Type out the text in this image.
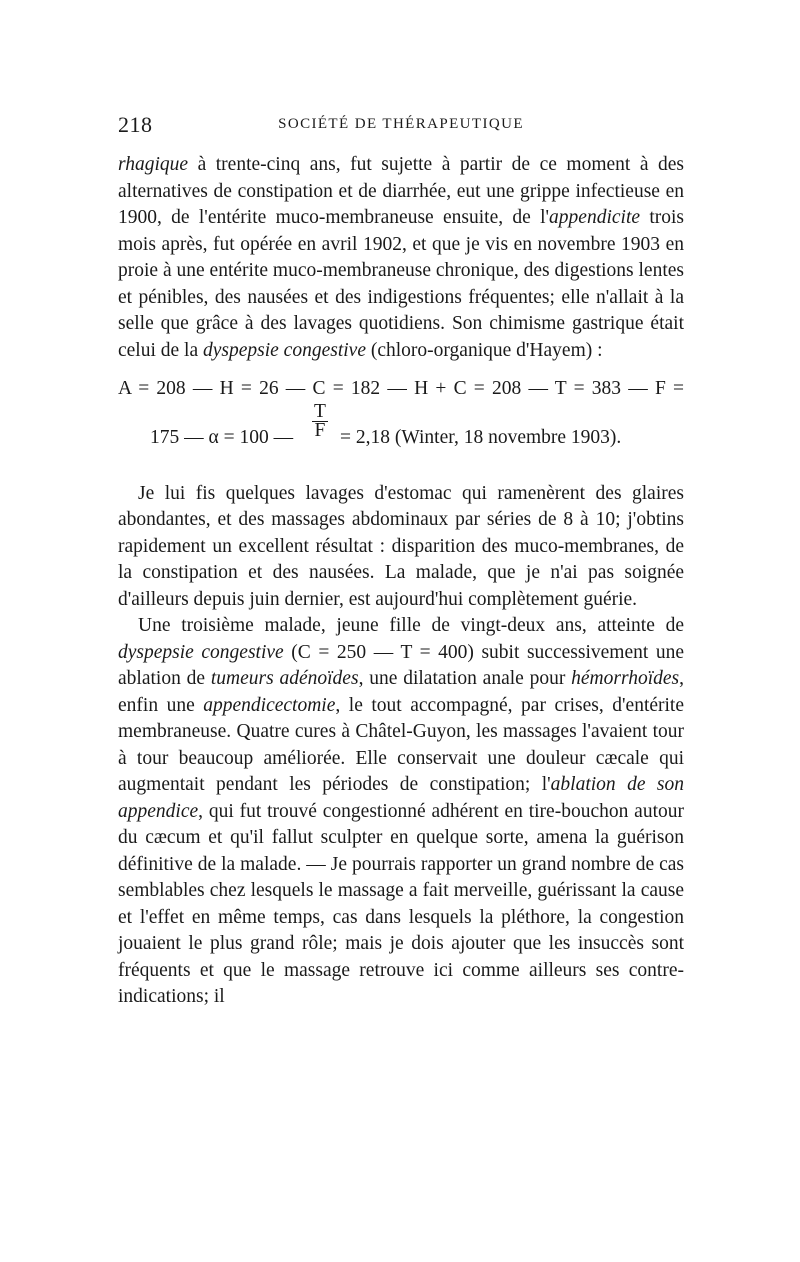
218	SOCIÉTÉ DE THÉRAPEUTIQUE

rhagique à trente-cinq ans, fut sujette à partir de ce moment à des alternatives de constipation et de diarrhée, eut une grippe infectieuse en 1900, de l'entérite muco-membraneuse ensuite, de l'appendicite trois mois après, fut opérée en avril 1902, et que je vis en novembre 1903 en proie à une entérite muco-membraneuse chronique, des digestions lentes et pénibles, des nausées et des indigestions fréquentes; elle n'allait à la selle que grâce à des lavages quotidiens. Son chimisme gastrique était celui de la dyspepsie congestive (chloro-organique d'Hayem) :

A = 208 — H = 26 — C = 182 — H + C = 208 — T = 383 — F =

175 — α = 100 — $\frac{T}{F} = 2,18$ (Winter, 18 novembre 1903).

Je lui fis quelques lavages d'estomac qui ramenèrent des glaires abondantes, et des massages abdominaux par séries de 8 à 10; j'obtins rapidement un excellent résultat : disparition des muco-membranes, de la constipation et des nausées. La malade, que je n'ai pas soignée d'ailleurs depuis juin dernier, est aujourd'hui complètement guérie.

Une troisième malade, jeune fille de vingt-deux ans, atteinte de dyspepsie congestive (C = 250 — T = 400) subit successivement une ablation de tumeurs adénoïdes, une dilatation anale pour hémorrhoïdes, enfin une appendicectomie, le tout accompagné, par crises, d'entérite membraneuse. Quatre cures à Châtel-Guyon, les massages l'avaient tour à tour beaucoup améliorée. Elle conservait une douleur cæcale qui augmentait pendant les périodes de constipation; l'ablation de son appendice, qui fut trouvé congestionné adhérent en tire-bouchon autour du cæcum et qu'il fallut sculpter en quelque sorte, amena la guérison définitive de la malade. — Je pourrais rapporter un grand nombre de cas semblables chez lesquels le massage a fait merveille, guérissant la cause et l'effet en même temps, cas dans lesquels la pléthore, la congestion jouaient le plus grand rôle; mais je dois ajouter que les insuccès sont fréquents et que le massage retrouve ici comme ailleurs ses contre-indications; il
